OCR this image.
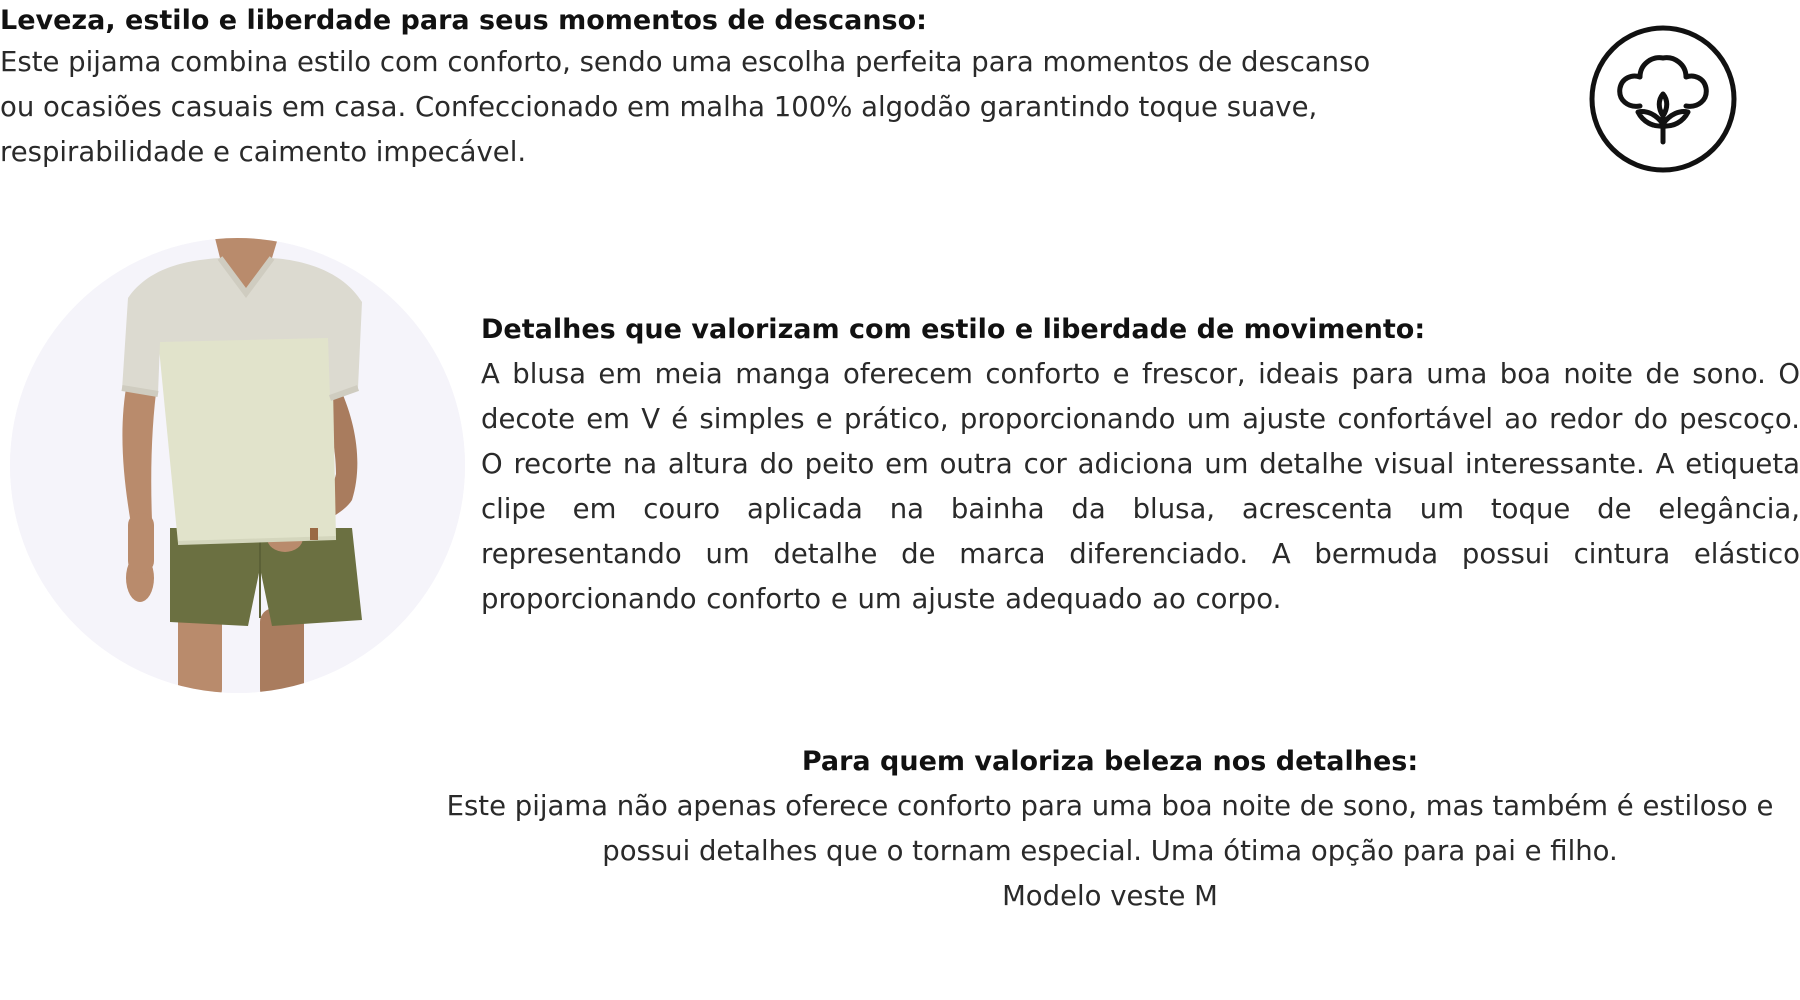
Leveza, estilo e liberdade para seus momentos de descanso:

Este pijama combina estilo com conforto, sendo uma escolha perfeita para momentos de descanso
ou ocasiões casuais em casa. Confeccionado em malha 100% algodão garantindo toque suave,
respirabilidade e caimento impecável.

Detalhes que valorizam com estilo e liberdade de movimento:

A blusa em meia manga oferecem conforto e frescor, ideais para uma boa noite de sono. O decote em V é simples e prático, proporcionando um ajuste confortável ao redor do pescoço. O recorte na altura do peito em outra cor adiciona um detalhe visual interessante. A etiqueta clipe em couro aplicada na bainha da blusa, acrescenta um toque de elegância, representando um detalhe de marca diferenciado. A bermuda possui cintura elástico proporcionando conforto e um ajuste adequado ao corpo.

Para quem valoriza beleza nos detalhes:

Este pijama não apenas oferece conforto para uma boa noite de sono, mas também é estiloso e
possui detalhes que o tornam especial. Uma ótima opção para pai e filho.
Modelo veste M
